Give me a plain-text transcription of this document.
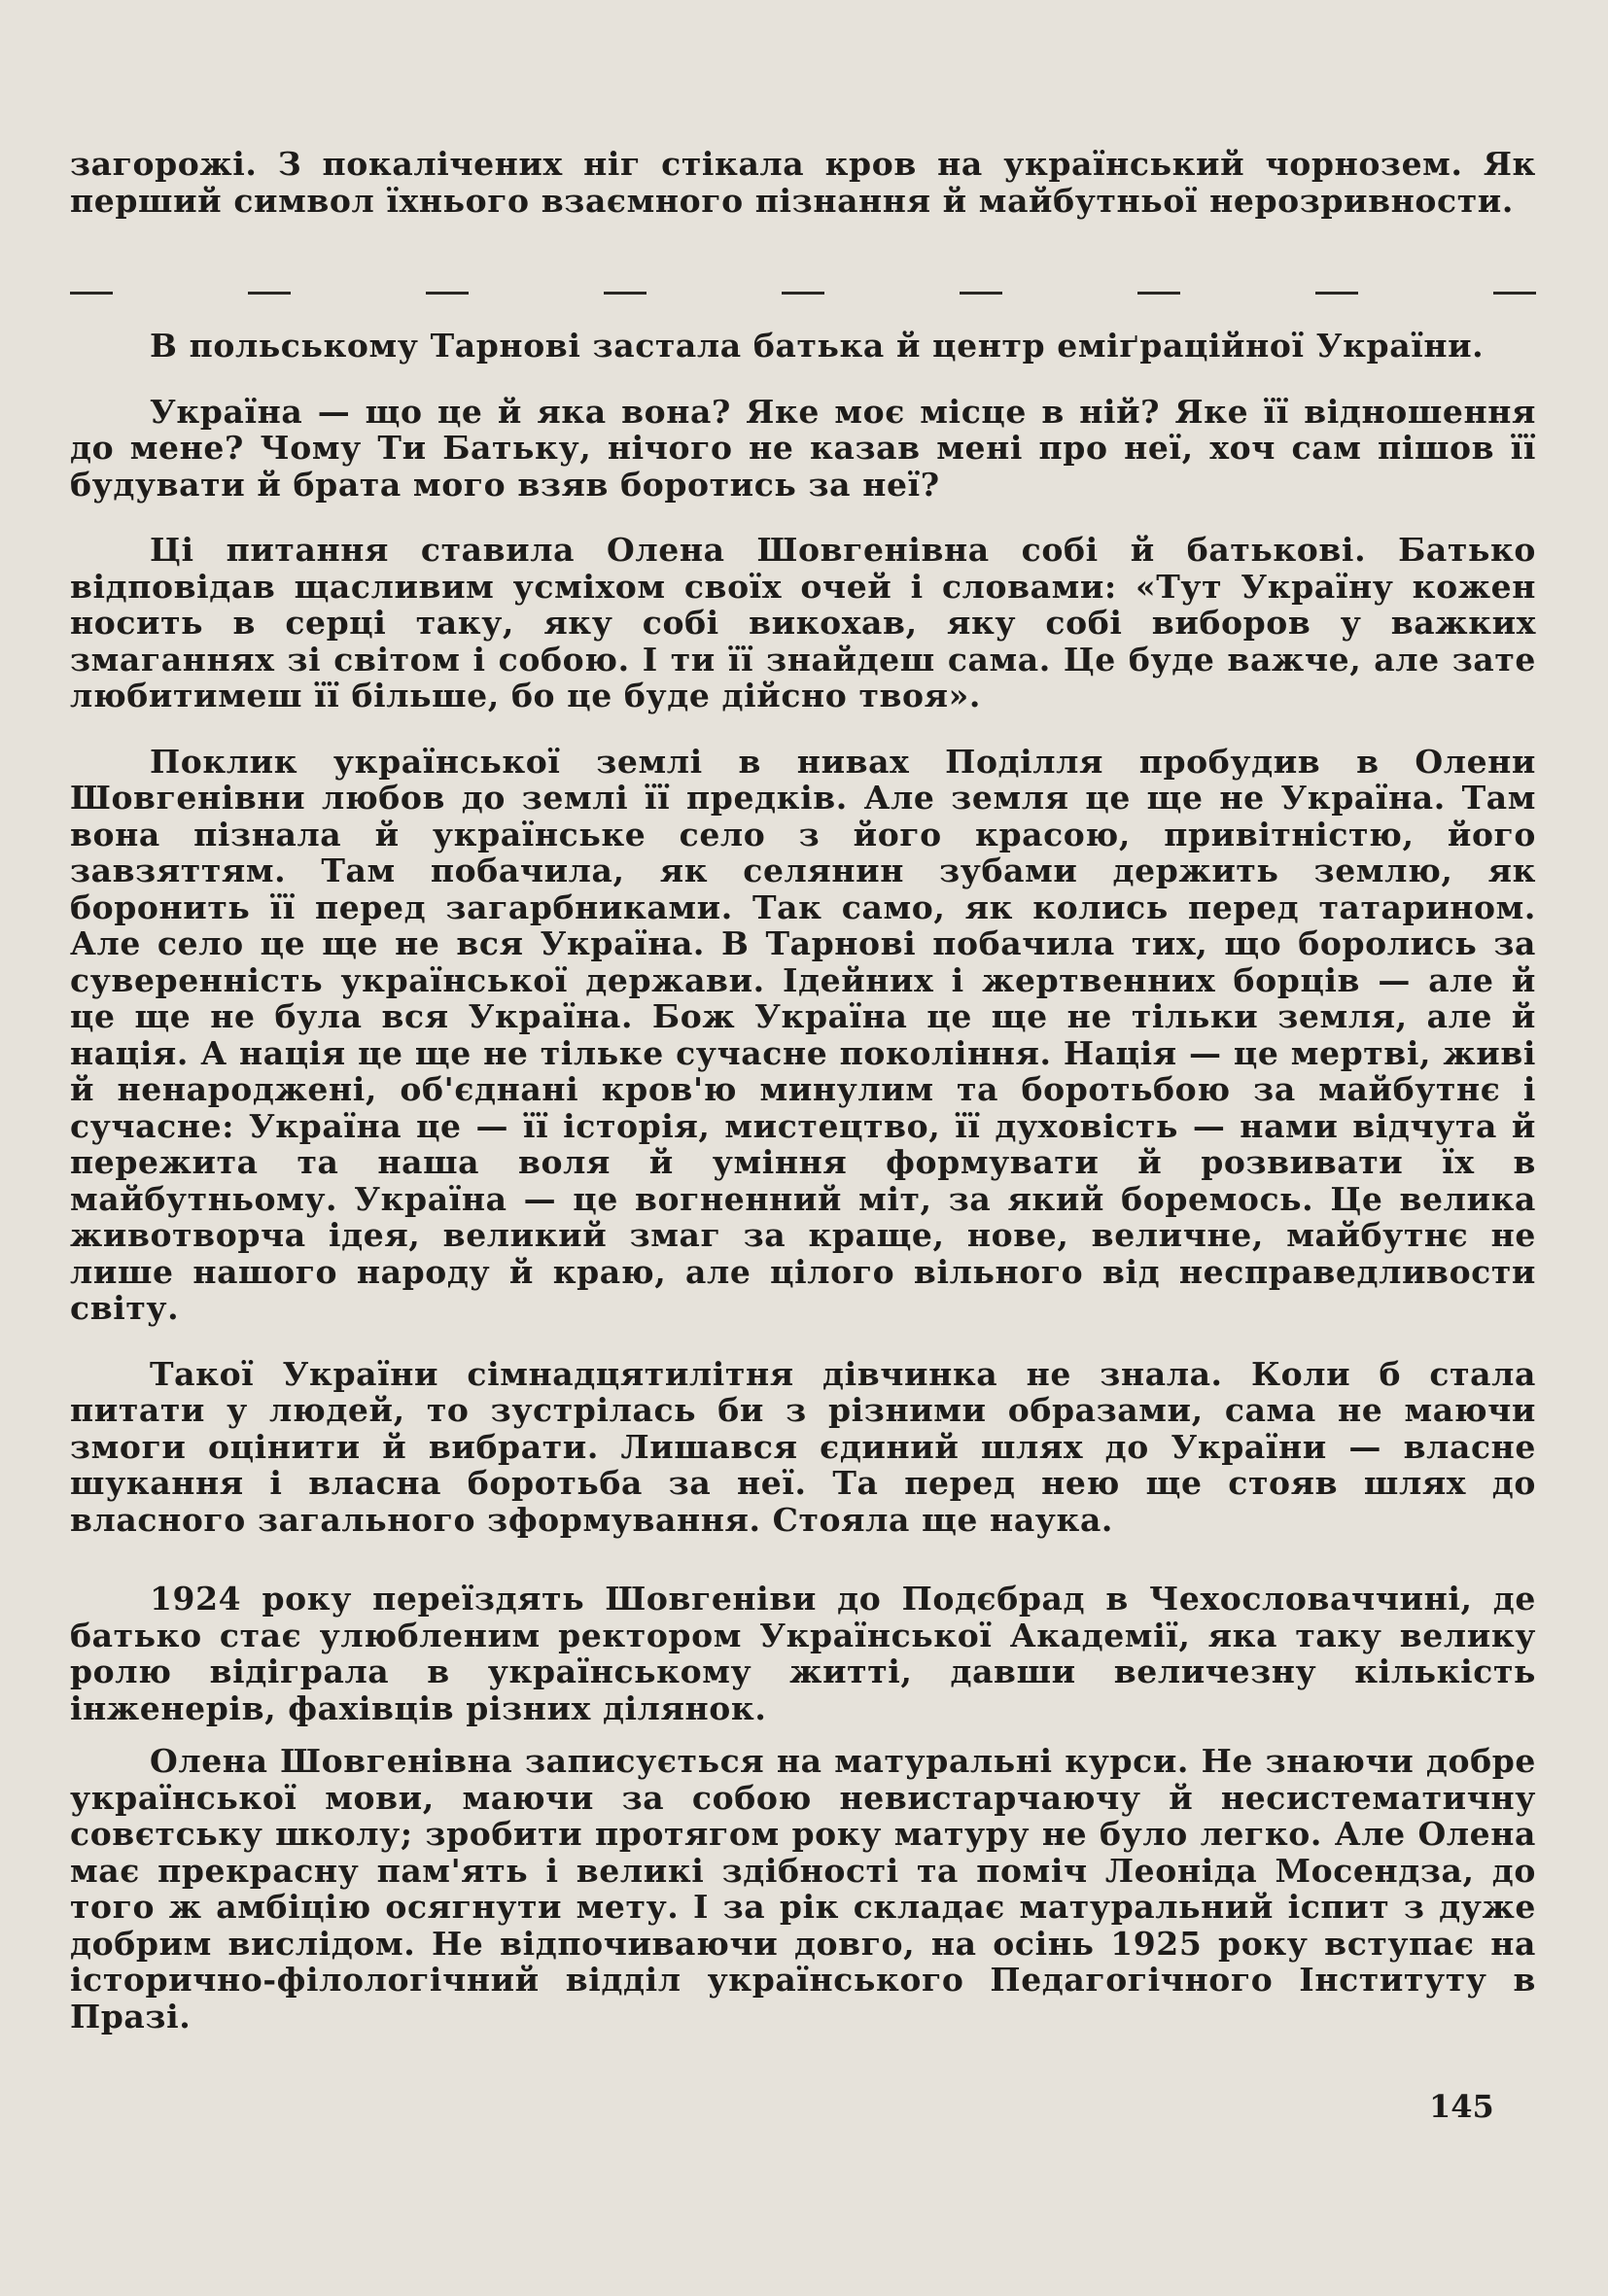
загорожі. З покалічених ніг стікала кров на український чорнозем. Як перший символ їхнього взаємного пізнання й майбутньої нерозривности.

В польському Тарнові застала батька й центр еміґраційної України.

Україна — що це й яка вона? Яке моє місце в ній? Яке її відношення до мене? Чому Ти Батьку, нічого не казав мені про неї, хоч сам пішов її будувати й брата мого взяв боротись за неї?

Ці питання ставила Олена Шовгенівна собі й батькові. Батько відповідав щасливим усміхом своїх очей і словами: «Тут Україну кожен носить в серці таку, яку собі викохав, яку собі виборов у важких змаганнях зі світом і собою. І ти її знайдеш сама. Це буде важче, але зате любитимеш її більше, бо це буде дійсно твоя».

Поклик української землі в нивах Поділля пробудив в Олени Шовгенівни любов до землі її предків. Але земля це ще не Україна. Там вона пізнала й українське село з його красою, привітністю, його завзяттям. Там побачила, як селянин зубами держить землю, як боронить її перед загарбниками. Так само, як колись перед татарином. Але село це ще не вся Україна. В Тарнові побачила тих, що боролись за суверенність української держави. Ідейних і жертвенних борців — але й це ще не була вся Україна. Бож Україна це ще не тільки земля, але й нація. А нація це ще не тільке сучасне покоління. Нація — це мертві, живі й ненароджені, об'єднані кров'ю минулим та боротьбою за майбутнє і сучасне: Україна це — її історія, мистецтво, її духовість — нами відчута й пережита та наша воля й уміння формувати й розвивати їх в майбутньому. Україна — це вогненний міт, за який боремось. Це велика животворча ідея, великий змаг за краще, нове, величне, майбутнє не лише нашого народу й краю, але цілого вільного від несправедливости світу.

Такої України сімнадцятилітня дівчинка не знала. Коли б стала питати у людей, то зустрілась би з різними образами, сама не маючи змоги оцінити й вибрати. Лишався єдиний шлях до України — власне шукання і власна боротьба за неї. Та перед нею ще стояв шлях до власного загального зформування. Стояла ще наука.

1924 року переїздять Шовгеніви до Подєбрад в Чехословаччині, де батько стає улюбленим ректором Української Академії, яка таку велику ролю відіграла в українському житті, давши величезну кількість інженерів, фахівців різних ділянок.

Олена Шовгенівна записується на матуральні курси. Не знаючи добре української мови, маючи за собою невистарчаючу й несистематичну совєтську школу; зробити протягом року матуру не було легко. Але Олена має прекрасну пам'ять і великі здібності та поміч Леоніда Мосендза, до того ж амбіцію осягнути мету. І за рік складає матуральний іспит з дуже добрим вислідом. Не відпочиваючи довго, на осінь 1925 року вступає на історично-філологічний відділ українського Педагогічного Інституту в Празі.

145
